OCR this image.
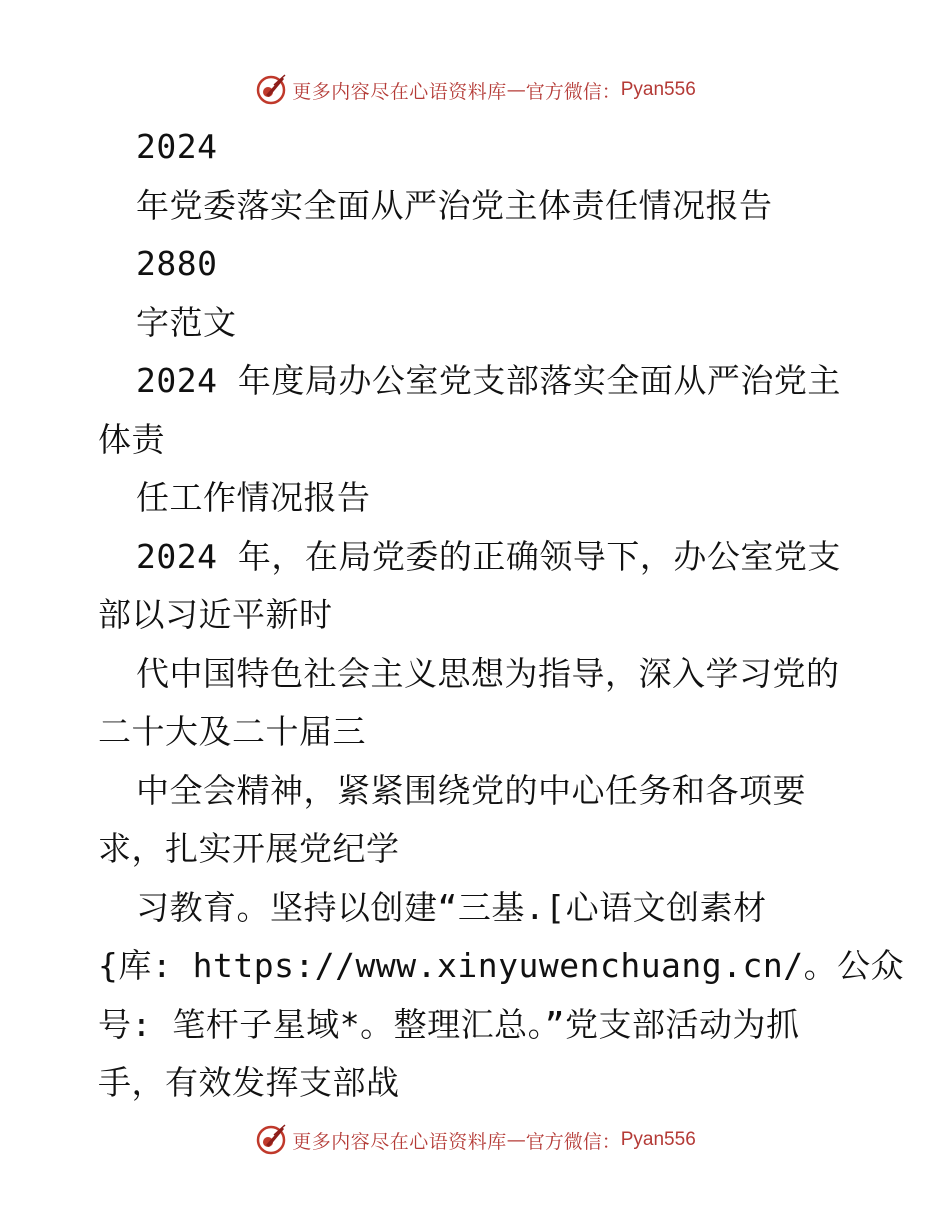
更多内容尽在心语资料库 — 官方微信： Pyan556
2024
年党委落实全面从严治党主体责任情况报告
2880
字范文
2024 年度局办公室党支部落实全面从严治党主
体责
任工作情况报告
2024 年，在局党委的正确领导下，办公室党支
部以习近平新时
代中国特色社会主义思想为指导，深入学习党的
二十大及二十届三
中全会精神，紧紧围绕党的中心任务和各项要
求，扎实开展党纪学
习教育。坚持以创建“三基.[心语文创素材
{库: https://www.xinyuwenchuang.cn/。公众
号: 笔杆子星域*。整理汇总。”党支部活动为抓
手，有效发挥支部战
更多内容尽在心语资料库 — 官方微信： Pyan556
